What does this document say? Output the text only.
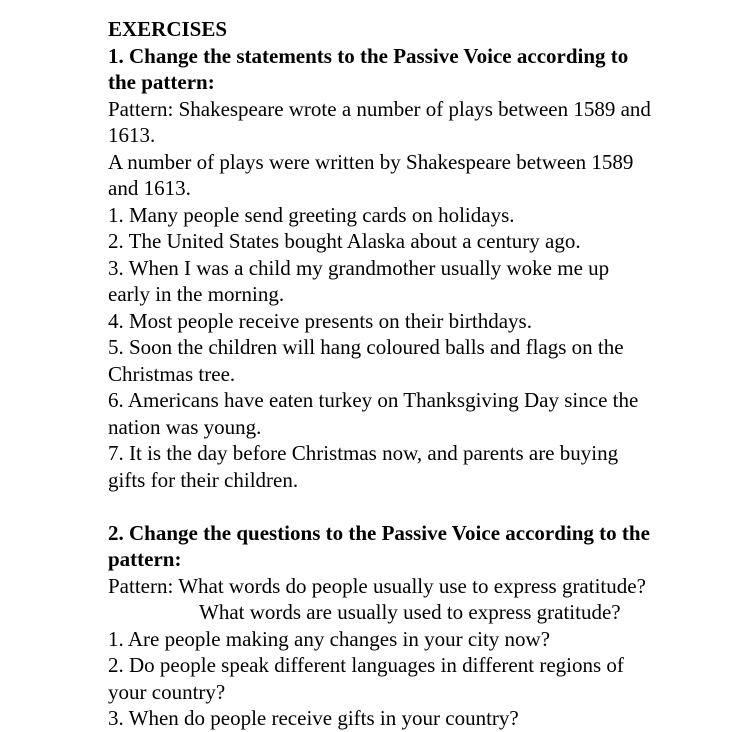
EXERCISES
1. Change the statements to the Passive Voice according to
the pattern:
Pattern: Shakespeare wrote a number of plays between 1589 and
1613.
A number of plays were written by Shakespeare between 1589
and 1613.
1. Many people send greeting cards on holidays.
2. The United States bought Alaska about a century ago.
3. When I was a child my grandmother usually woke me up
early in the morning.
4. Most people receive presents on their birthdays.
5. Soon the children will hang coloured balls and flags on the
Christmas tree.
6. Americans have eaten turkey on Thanksgiving Day since the
nation was young.
7. It is the day before Christmas now, and parents are buying
gifts for their children.
2. Change the questions to the Passive Voice according to the
pattern:
Pattern: What words do people usually use to express gratitude?
What words are usually used to express gratitude?
1. Are people making any changes in your city now?
2. Do people speak different languages in different regions of
your country?
3. When do people receive gifts in your country?
